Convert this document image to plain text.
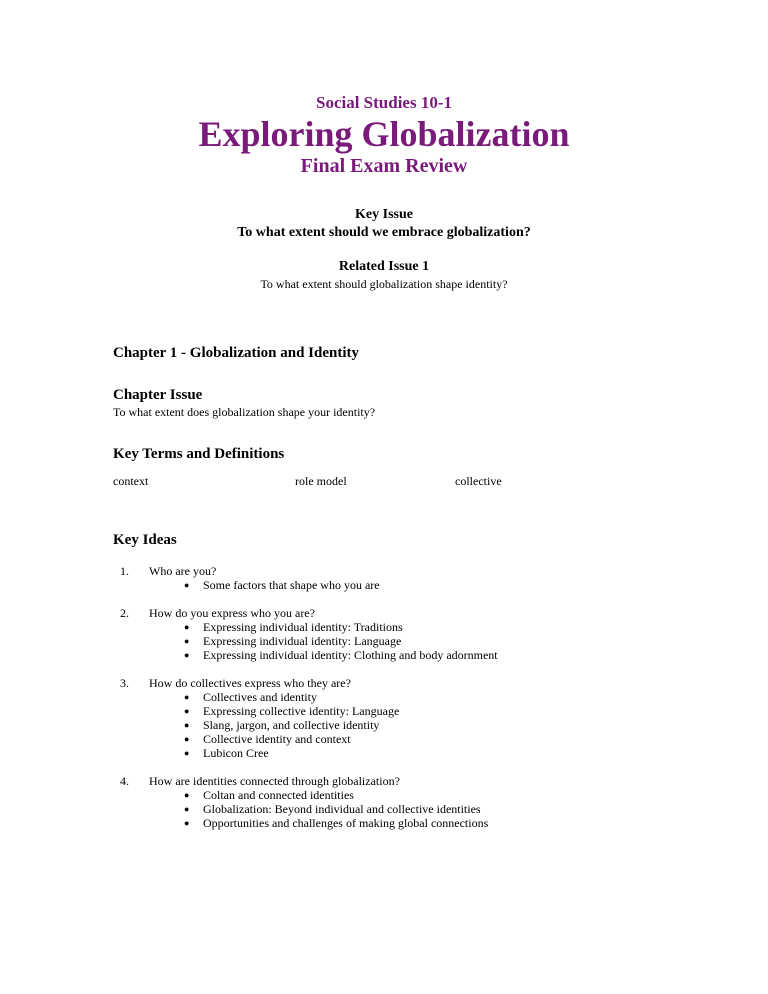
Social Studies 10-1
Exploring Globalization
Final Exam Review
Key Issue
To what extent should we embrace globalization?
Related Issue 1
To what extent should globalization shape identity?
Chapter 1 - Globalization and Identity
Chapter Issue
To what extent does globalization shape your identity?
Key Terms and Definitions
context	role model	collective
Key Ideas
1. Who are you?
● Some factors that shape who you are
2. How do you express who you are?
● Expressing individual identity: Traditions
● Expressing individual identity: Language
● Expressing individual identity: Clothing and body adornment
3. How do collectives express who they are?
● Collectives and identity
● Expressing collective identity: Language
● Slang, jargon, and collective identity
● Collective identity and context
● Lubicon Cree
4. How are identities connected through globalization?
● Coltan and connected identities
● Globalization: Beyond individual and collective identities
● Opportunities and challenges of making global connections
